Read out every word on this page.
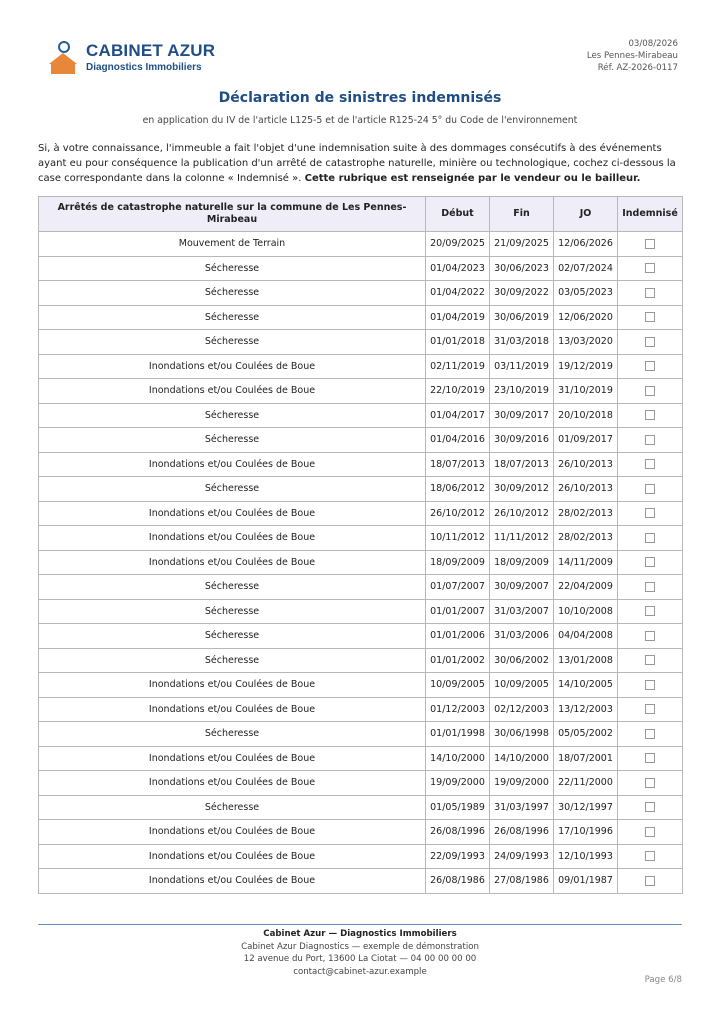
CABINET AZUR
Diagnostics Immobiliers
03/08/2026
Les Pennes-Mirabeau
Réf. AZ-2026-0117
Déclaration de sinistres indemnisés
en application du IV de l'article L125-5 et de l'article R125-24 5° du Code de l'environnement
Si, à votre connaissance, l'immeuble a fait l'objet d'une indemnisation suite à des dommages consécutifs à des événements ayant eu pour conséquence la publication d'un arrêté de catastrophe naturelle, minière ou technologique, cochez ci-dessous la case correspondante dans la colonne « Indemnisé ». Cette rubrique est renseignée par le vendeur ou le bailleur.
Arrêtés de catastrophe naturelle sur la commune de Les Pennes-Mirabeau	Début	Fin	JO	Indemnisé
Mouvement de Terrain	20/09/2025	21/09/2025	12/06/2026	
Sécheresse	01/04/2023	30/06/2023	02/07/2024	
Sécheresse	01/04/2022	30/09/2022	03/05/2023	
Sécheresse	01/04/2019	30/06/2019	12/06/2020	
Sécheresse	01/01/2018	31/03/2018	13/03/2020	
Inondations et/ou Coulées de Boue	02/11/2019	03/11/2019	19/12/2019	
Inondations et/ou Coulées de Boue	22/10/2019	23/10/2019	31/10/2019	
Sécheresse	01/04/2017	30/09/2017	20/10/2018	
Sécheresse	01/04/2016	30/09/2016	01/09/2017	
Inondations et/ou Coulées de Boue	18/07/2013	18/07/2013	26/10/2013	
Sécheresse	18/06/2012	30/09/2012	26/10/2013	
Inondations et/ou Coulées de Boue	26/10/2012	26/10/2012	28/02/2013	
Inondations et/ou Coulées de Boue	10/11/2012	11/11/2012	28/02/2013	
Inondations et/ou Coulées de Boue	18/09/2009	18/09/2009	14/11/2009	
Sécheresse	01/07/2007	30/09/2007	22/04/2009	
Sécheresse	01/01/2007	31/03/2007	10/10/2008	
Sécheresse	01/01/2006	31/03/2006	04/04/2008	
Sécheresse	01/01/2002	30/06/2002	13/01/2008	
Inondations et/ou Coulées de Boue	10/09/2005	10/09/2005	14/10/2005	
Inondations et/ou Coulées de Boue	01/12/2003	02/12/2003	13/12/2003	
Sécheresse	01/01/1998	30/06/1998	05/05/2002	
Inondations et/ou Coulées de Boue	14/10/2000	14/10/2000	18/07/2001	
Inondations et/ou Coulées de Boue	19/09/2000	19/09/2000	22/11/2000	
Sécheresse	01/05/1989	31/03/1997	30/12/1997	
Inondations et/ou Coulées de Boue	26/08/1996	26/08/1996	17/10/1996	
Inondations et/ou Coulées de Boue	22/09/1993	24/09/1993	12/10/1993	
Inondations et/ou Coulées de Boue	26/08/1986	27/08/1986	09/01/1987	
Cabinet Azur — Diagnostics Immobiliers
Cabinet Azur Diagnostics — exemple de démonstration
12 avenue du Port, 13600 La Ciotat — 04 00 00 00 00
contact@cabinet-azur.example
Page 6/8
